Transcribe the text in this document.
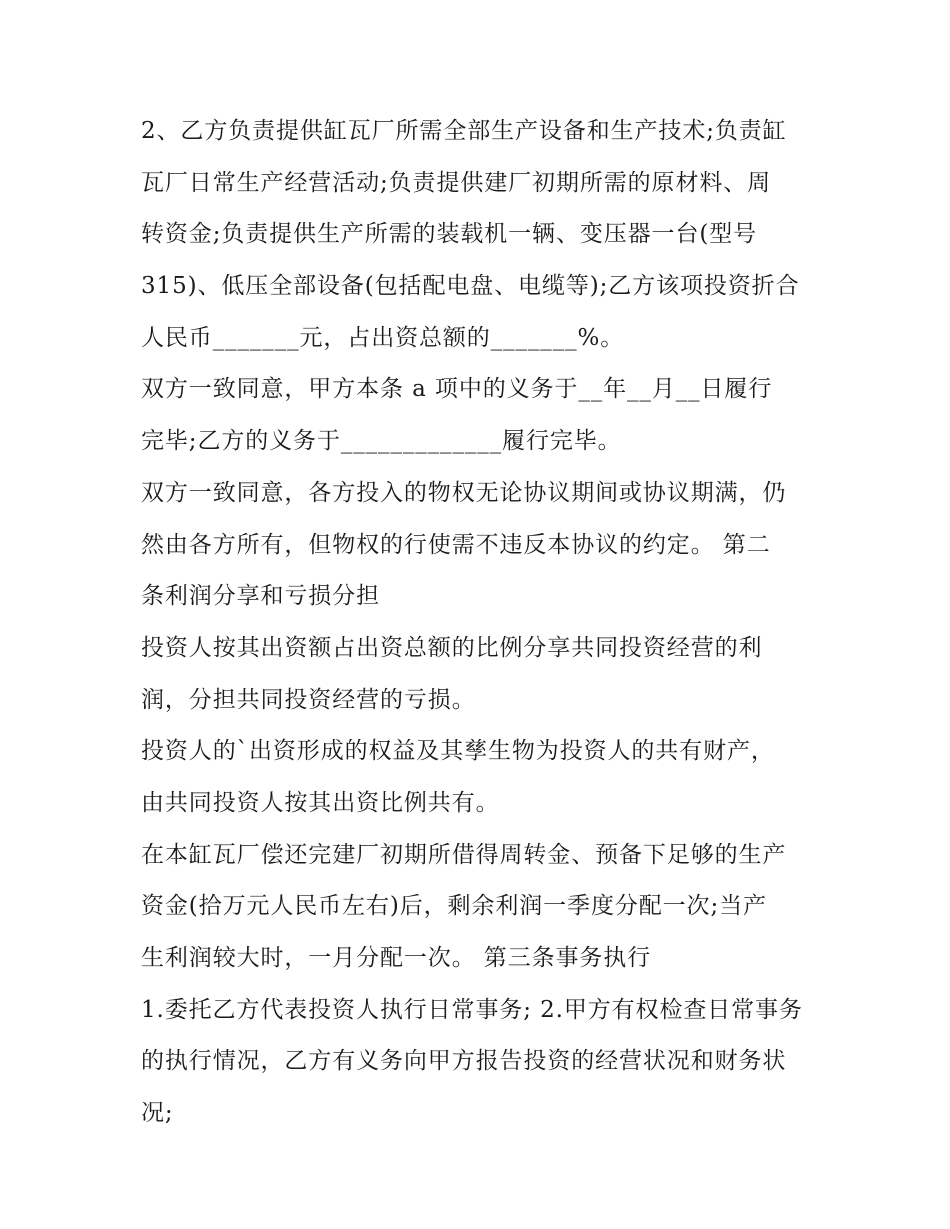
2、乙方负责提供缸瓦厂所需全部生产设备和生产技术;负责缸
瓦厂日常生产经营活动;负责提供建厂初期所需的原材料、周
转资金;负责提供生产所需的装载机一辆、变压器一台(型号
315)、低压全部设备(包括配电盘、电缆等);乙方该项投资折合
人民币_______元，占出资总额的_______%。
双方一致同意，甲方本条 a 项中的义务于__年__月__日履行
完毕;乙方的义务于_____________履行完毕。
双方一致同意，各方投入的物权无论协议期间或协议期满，仍
然由各方所有，但物权的行使需不违反本协议的约定。 第二
条利润分享和亏损分担
投资人按其出资额占出资总额的比例分享共同投资经营的利
润，分担共同投资经营的亏损。
投资人的`出资形成的权益及其孳生物为投资人的共有财产，
由共同投资人按其出资比例共有。
在本缸瓦厂偿还完建厂初期所借得周转金、预备下足够的生产
资金(拾万元人民币左右)后，剩余利润一季度分配一次;当产
生利润较大时，一月分配一次。 第三条事务执行
1.委托乙方代表投资人执行日常事务; 2.甲方有权检查日常事务
的执行情况，乙方有义务向甲方报告投资的经营状况和财务状
况;
